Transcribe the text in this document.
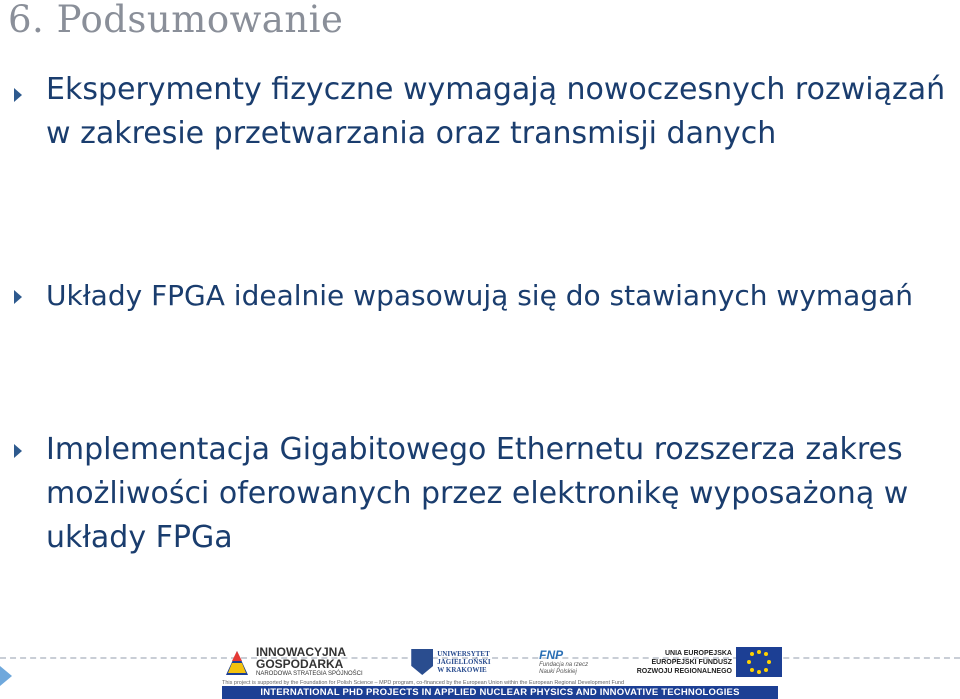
6. Podsumowanie
Eksperymenty fizyczne wymagają nowoczesnych rozwiązań w zakresie przetwarzania oraz transmisji danych
Układy FPGA idealnie wpasowują się do stawianych wymagań
Implementacja Gigabitowego Ethernetu rozszerza zakres możliwości oferowanych przez elektronikę wyposażoną w układy FPGa
INNOWACYJNA
GOSPODARKA
NARODOWA STRATEGIA SPÓJNOŚCI
UNIWERSYTET
JAGIELLOŃSKI
W KRAKOWIE
FNP
Fundacja na rzecz
Nauki Polskiej
UNIA EUROPEJSKA
EUROPEJSKI FUNDUSZ
ROZWOJU REGIONALNEGO
This project is supported by the Foundation for Polish Science – MPD program, co-financed by the European Union within the European Regional Development Fund
INTERNATIONAL PHD PROJECTS IN APPLIED NUCLEAR PHYSICS AND INNOVATIVE TECHNOLOGIES
